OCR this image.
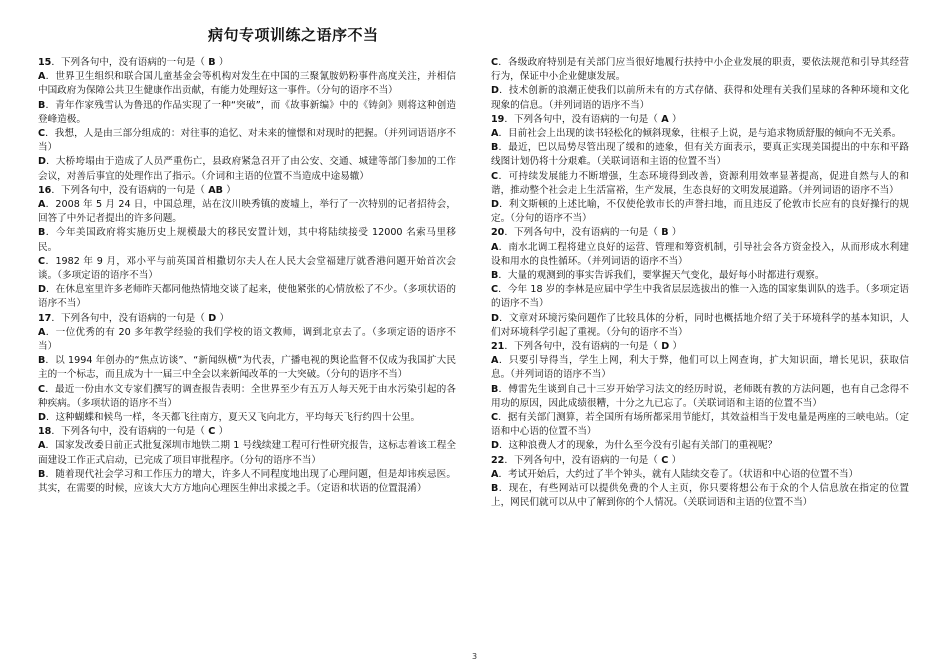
病句专项训练之语序不当
15．下列各句中，没有语病的一句是（ B ）
A．世界卫生组织和联合国儿童基金会等机构对发生在中国的三聚氰胺奶粉事件高度关注，并相信中国政府为保障公共卫生健康作出贡献，有能力处理好这一事件。（分句的语序不当）
B．青年作家残雪认为鲁迅的作品实现了一种“突破”，而《故事新编》中的《铸剑》则将这种创造登峰造极。
C．我想，人是由三部分组成的：对往事的追忆、对未来的憧憬和对现时的把握。（并列词语语序不当）
D．大桥垮塌由于造成了人员严重伤亡，县政府紧急召开了由公安、交通、城建等部门参加的工作会议，对善后事宜的处理作出了指示。（介词和主语的位置不当造成中途易辙）
16．下列各句中，没有语病的一句是（ AB ）
A．2008 年 5 月 24 日，中国总理，站在汶川映秀镇的废墟上，举行了一次特别的记者招待会，回答了中外记者提出的许多问题。
B．今年美国政府将实施历史上规模最大的移民安置计划，其中将陆续接受 12000 名索马里移民。
C．1982 年 9 月，邓小平与前英国首相撒切尔夫人在人民大会堂福建厅就香港问题开始首次会谈。（多项定语的语序不当）
D．在休息室里许多老师昨天都同他热情地交谈了起来，使他紧张的心情放松了不少。（多项状语的语序不当）
17．下列各句中，没有语病的一句是（ D ）
A．一位优秀的有 20 多年教学经验的我们学校的语文教师，调到北京去了。（多项定语的语序不当）
B．以 1994 年创办的“焦点访谈”、“新闻纵横”为代表，广播电视的舆论监督不仅成为我国扩大民主的一个标志，而且成为十一届三中全会以来新闻改革的一大突破。（分句的语序不当）
C．最近一份由水文专家们撰写的调查报告表明：全世界至少有五万人每天死于由水污染引起的各种疾病。（多项状语的语序不当）
D．这种蝴蝶和候鸟一样，冬天都飞往南方，夏天又飞向北方，平均每天飞行约四十公里。
18．下列各句中，没有语病的一句是（ C ）
A．国家发改委日前正式批复深圳市地铁二期 1 号线续建工程可行性研究报告，这标志着该工程全面建设工作正式启动，已完成了项目审批程序。（分句的语序不当）
B．随着现代社会学习和工作压力的增大，许多人不同程度地出现了心理问题，但是却讳疾忌医。其实，在需要的时候，应该大大方方地向心理医生伸出求援之手。（定语和状语的位置混淆）
C．各级政府特别是有关部门应当很好地履行扶持中小企业发展的职责，要依法规范和引导其经营行为，保证中小企业健康发展。
D．技术创新的浪潮正使我们以前所未有的方式存储、获得和处理有关我们星球的各种环境和文化现象的信息。（并列词语的语序不当）
19．下列各句中，没有语病的一句是（ A ）
A．目前社会上出现的读书轻松化的倾斜现象，往根子上说，是与追求物质舒服的倾向不无关系。
B．最近，巴以局势尽管出现了缓和的迹象，但有关方面表示，要真正实现美国提出的中东和平路线图计划仍将十分艰难。（关联词语和主语的位置不当）
C．可持续发展能力不断增强，生态环境得到改善，资源利用效率显著提高，促进自然与人的和谐，推动整个社会走上生活富裕，生产发展，生态良好的文明发展道路。（并列词语的语序不当）
D．利文斯顿的上述比喻，不仅使伦敦市长的声誉扫地，而且违反了伦敦市长应有的良好操行的规定。（分句的语序不当）
20．下列各句中，没有语病的一句是（ B ）
A．南水北调工程将建立良好的运营、管理和筹资机制，引导社会各方资金投入，从而形成水利建设和用水的良性循环。（并列词语的语序不当）
B．大量的观测到的事实告诉我们，要掌握天气变化，最好每小时都进行观察。
C．今年 18 岁的李林是应届中学生中我省层层选拔出的惟一入选的国家集训队的选手。（多项定语的语序不当）
D．文章对环境污染问题作了比较具体的分析，同时也概括地介绍了关于环境科学的基本知识，人们对环境科学引起了重视。（分句的语序不当）
21．下列各句中，没有语病的一句是（ D ）
A．只要引导得当，学生上网，利大于弊，他们可以上网查询，扩大知识面，增长见识，获取信息。（并列词语的语序不当）
B．傅雷先生谈到自己十三岁开始学习法文的经历时说，老师既有教的方法问题，也有自己念得不用功的原因，因此成绩很糟，十分之九已忘了。（关联词语和主语的位置不当）
C．据有关部门测算，若全国所有场所都采用节能灯，其效益相当于发电量是两座的三峡电站。（定语和中心语的位置不当）
D．这种浪费人才的现象，为什么至今没有引起有关部门的重视呢？
22．下列各句中，没有语病的一句是（ C ）
A．考试开始后，大约过了半个钟头，就有人陆续交卷了。（状语和中心语的位置不当）
B．现在，有些网站可以提供免费的个人主页，你只要将想公布于众的个人信息放在指定的位置上，网民们就可以从中了解到你的个人情况。（关联词语和主语的位置不当）
3
